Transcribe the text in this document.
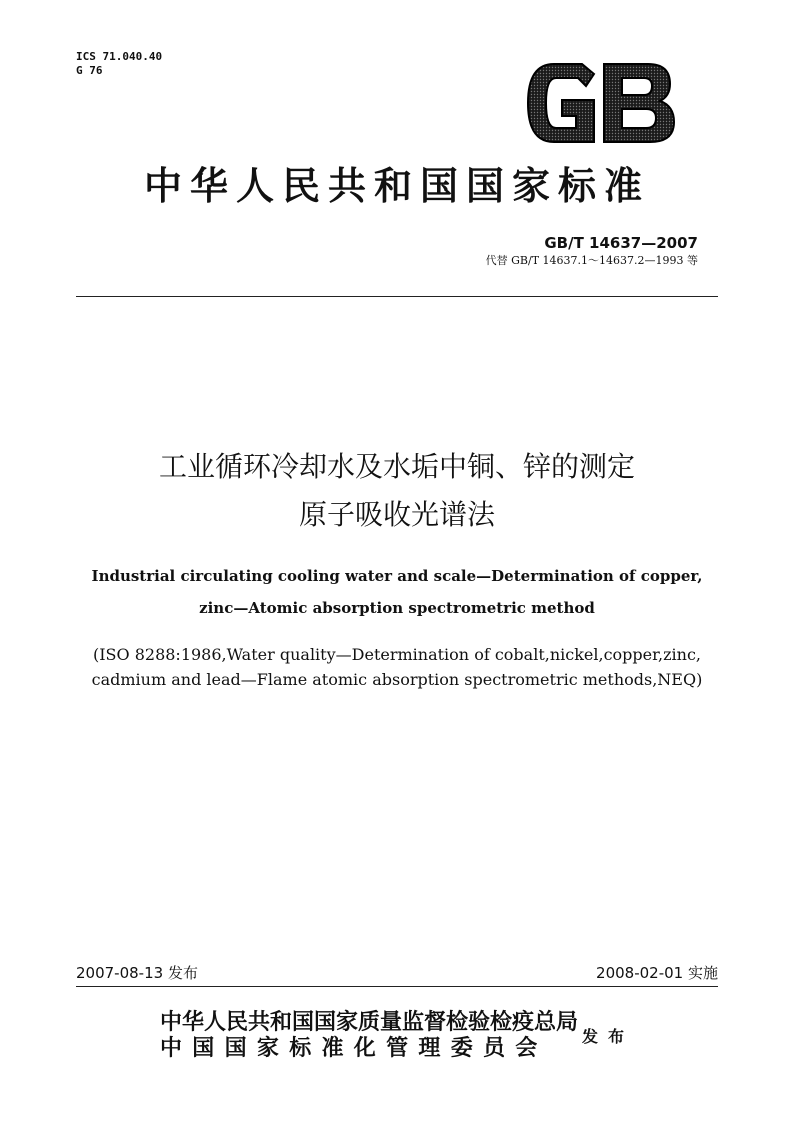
ICS 71.040.40
G 76
中华人民共和国国家标准
GB/T 14637—2007
代替 GB/T 14637.1～14637.2—1993 等
工业循环冷却水及水垢中铜、锌的测定
原子吸收光谱法
Industrial circulating cooling water and scale—Determination of copper,
zinc—Atomic absorption spectrometric method
(ISO 8288:1986,Water quality—Determination of cobalt,nickel,copper,zinc,
cadmium and lead—Flame atomic absorption spectrometric methods,NEQ)
2007-08-13 发布	2008-02-01 实施
中华人民共和国国家质量监督检验检疫总局
中国国家标准化管理委员会 发布
